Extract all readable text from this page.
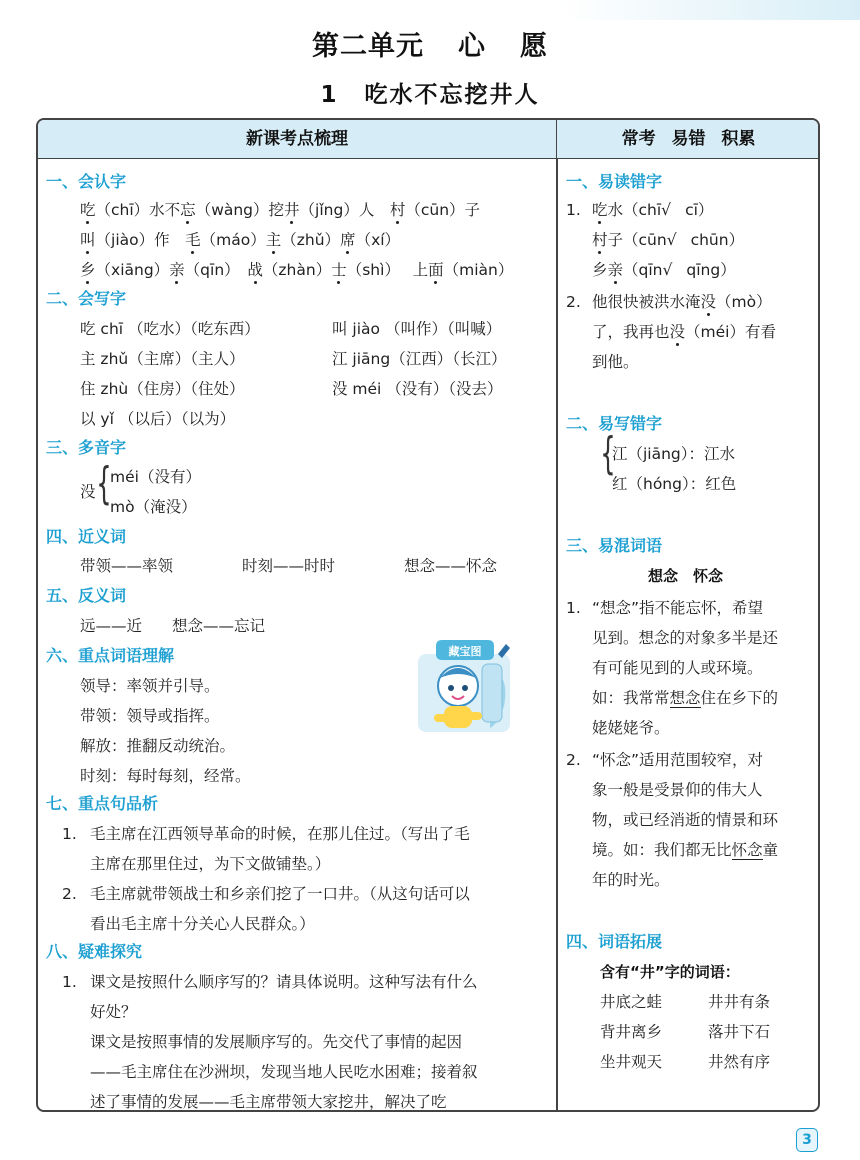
第二单元 心 愿
1 吃水不忘挖井人
新课考点梳理	常考 易错 积累
一、会认字
吃（chī）水不忘（wàng）挖井（jǐng）人　村（cūn）子
叫（jiào）作　毛（máo）主（zhǔ）席（xí）
乡（xiāng）亲（qīn）　战（zhàn）士（shì）　 上面（miàn）
二、会写字
吃 chī （吃水）（吃东西）	叫 jiào （叫作）（叫喊）
主 zhǔ（主席）（主人）	江 jiāng（江西）（长江）
住 zhù（住房）（住处）	没 méi （没有）（没去）
以 yǐ （以后）（以为）
三、多音字
没 {
méi（没有）
mò（淹没）
四、近义词
带领——率领	时刻——时时	想念——怀念
五、反义词
远——近 想念——忘记
六、重点词语理解
领导：率领并引导。
带领：领导或指挥。
解放：推翻反动统治。
时刻：每时每刻，经常。
七、重点句品析
1. 毛主席在江西领导革命的时候，在那儿住过。（写出了毛
主席在那里住过，为下文做铺垫。）
2. 毛主席就带领战士和乡亲们挖了一口井。（从这句话可以
看出毛主席十分关心人民群众。）
八、疑难探究
1. 课文是按照什么顺序写的？请具体说明。这种写法有什么
好处？
课文是按照事情的发展顺序写的。先交代了事情的起因
——毛主席住在沙洲坝，发现当地人民吃水困难；接着叙
述了事情的发展——毛主席带领大家挖井，解决了吃
一、易读错字
1. 吃水（chī√ cī）
村子（cūn√ chūn）
乡亲（qīn√ qīng）
2. 他很快被洪水淹没（mò）
了，我再也没（méi）有看
到他。
二、易写错字
{
江（jiāng）：江水
红（hóng）：红色
三、易混词语
想念　怀念
1. “想念”指不能忘怀，希望
见到。想念的对象多半是还
有可能见到的人或环境。
如：我常常想念住在乡下的
姥姥姥爷。
2. “怀念”适用范围较窄，对
象一般是受景仰的伟大人
物，或已经消逝的情景和环
境。如：我们都无比怀念童
年的时光。
四、词语拓展
含有“井”字的词语：
井底之蛙	井井有条
背井离乡	落井下石
坐井观天	井然有序
藏宝图
3
